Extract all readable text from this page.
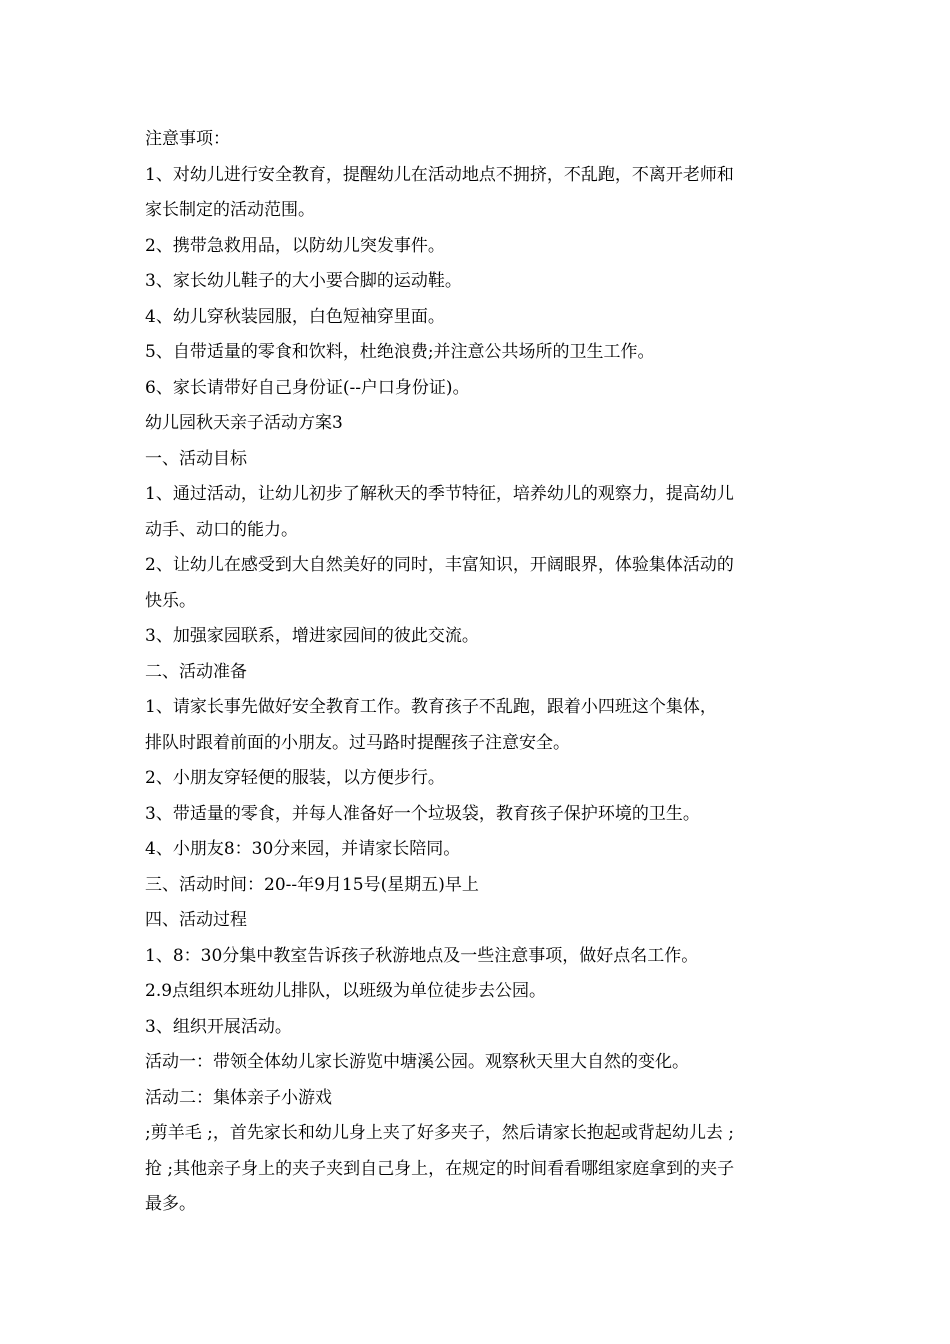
注意事项：
1、对幼儿进行安全教育，提醒幼儿在活动地点不拥挤，不乱跑，不离开老师和
家长制定的活动范围。
2、携带急救用品，以防幼儿突发事件。
3、家长幼儿鞋子的大小要合脚的运动鞋。
4、幼儿穿秋装园服，白色短袖穿里面。
5、自带适量的零食和饮料，杜绝浪费;并注意公共场所的卫生工作。
6、家长请带好自己身份证(--户口身份证)。
幼儿园秋天亲子活动方案3
一、活动目标
1、通过活动，让幼儿初步了解秋天的季节特征，培养幼儿的观察力，提高幼儿
动手、动口的能力。
2、让幼儿在感受到大自然美好的同时，丰富知识，开阔眼界，体验集体活动的
快乐。
3、加强家园联系，增进家园间的彼此交流。
二、活动准备
1、请家长事先做好安全教育工作。教育孩子不乱跑，跟着小四班这个集体，
排队时跟着前面的小朋友。过马路时提醒孩子注意安全。
2、小朋友穿轻便的服装，以方便步行。
3、带适量的零食，并每人准备好一个垃圾袋，教育孩子保护环境的卫生。
4、小朋友8：30分来园，并请家长陪同。
三、活动时间：20--年9月15号(星期五)早上
四、活动过程
1、8：30分集中教室告诉孩子秋游地点及一些注意事项，做好点名工作。
2.9点组织本班幼儿排队，以班级为单位徒步去公园。
3、组织开展活动。
活动一：带领全体幼儿家长游览中塘溪公园。观察秋天里大自然的变化。
活动二：集体亲子小游戏
;剪羊毛 ;，首先家长和幼儿身上夹了好多夹子，然后请家长抱起或背起幼儿去 ;
抢 ;其他亲子身上的夹子夹到自己身上，在规定的时间看看哪组家庭拿到的夹子
最多。
